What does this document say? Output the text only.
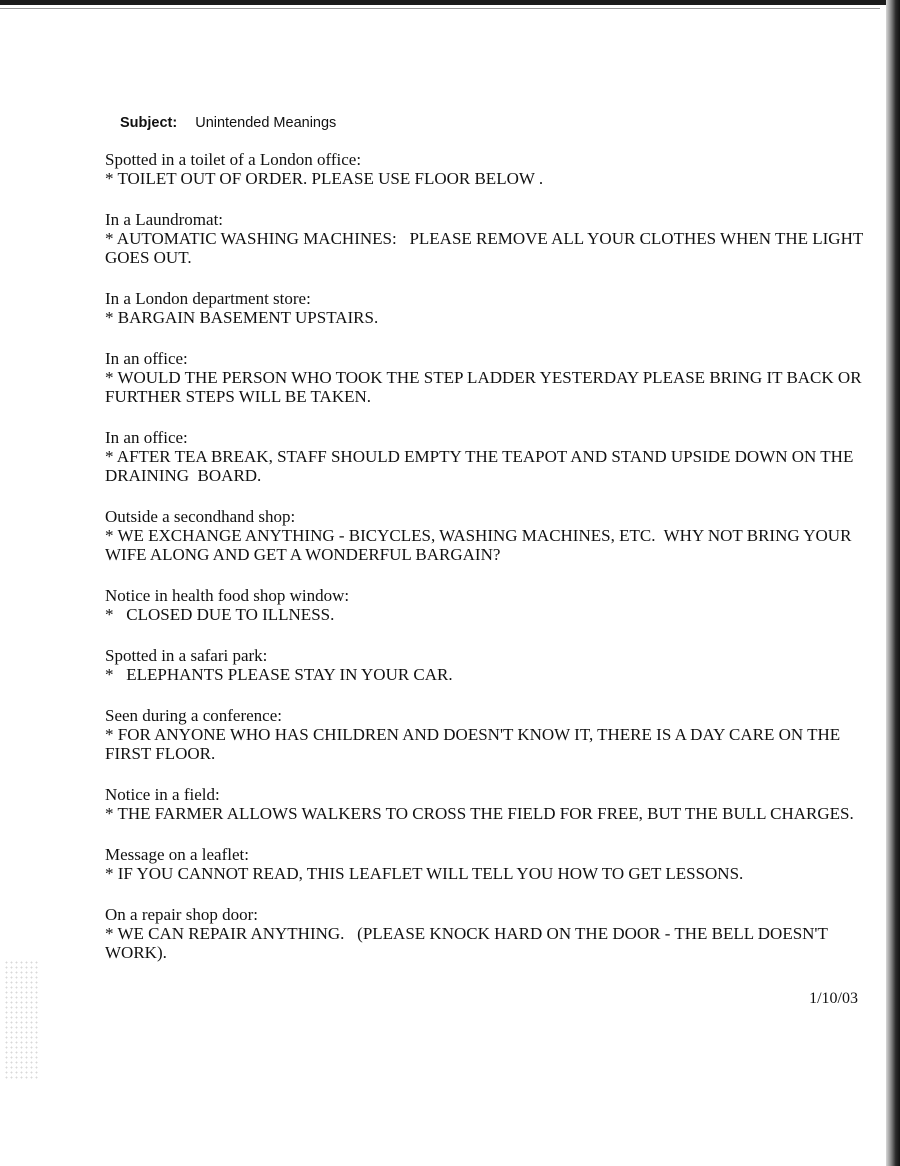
Subject: Unintended Meanings
Spotted in a toilet of a London office:
* TOILET OUT OF ORDER. PLEASE USE FLOOR BELOW .
In a Laundromat:
* AUTOMATIC WASHING MACHINES:   PLEASE REMOVE ALL YOUR CLOTHES WHEN THE LIGHT GOES OUT.
In a London department store:
* BARGAIN BASEMENT UPSTAIRS.
In an office:
* WOULD THE PERSON WHO TOOK THE STEP LADDER YESTERDAY PLEASE BRING IT BACK OR FURTHER STEPS WILL BE TAKEN.
In an office:
* AFTER TEA BREAK, STAFF SHOULD EMPTY THE TEAPOT AND STAND UPSIDE DOWN ON THE DRAINING  BOARD.
Outside a secondhand shop:
* WE EXCHANGE ANYTHING - BICYCLES, WASHING MACHINES, ETC.  WHY NOT BRING YOUR WIFE ALONG AND GET A WONDERFUL BARGAIN?
Notice in health food shop window:
*   CLOSED DUE TO ILLNESS.
Spotted in a safari park:
*   ELEPHANTS PLEASE STAY IN YOUR CAR.
Seen during a conference:
* FOR ANYONE WHO HAS CHILDREN AND DOESN'T KNOW IT, THERE IS A DAY CARE ON THE FIRST FLOOR.
Notice in a field:
* THE FARMER ALLOWS WALKERS TO CROSS THE FIELD FOR FREE, BUT THE BULL CHARGES.
Message on a leaflet:
* IF YOU CANNOT READ, THIS LEAFLET WILL TELL YOU HOW TO GET LESSONS.
On a repair shop door:
* WE CAN REPAIR ANYTHING.   (PLEASE KNOCK HARD ON THE DOOR - THE BELL DOESN'T WORK).
1/10/03
